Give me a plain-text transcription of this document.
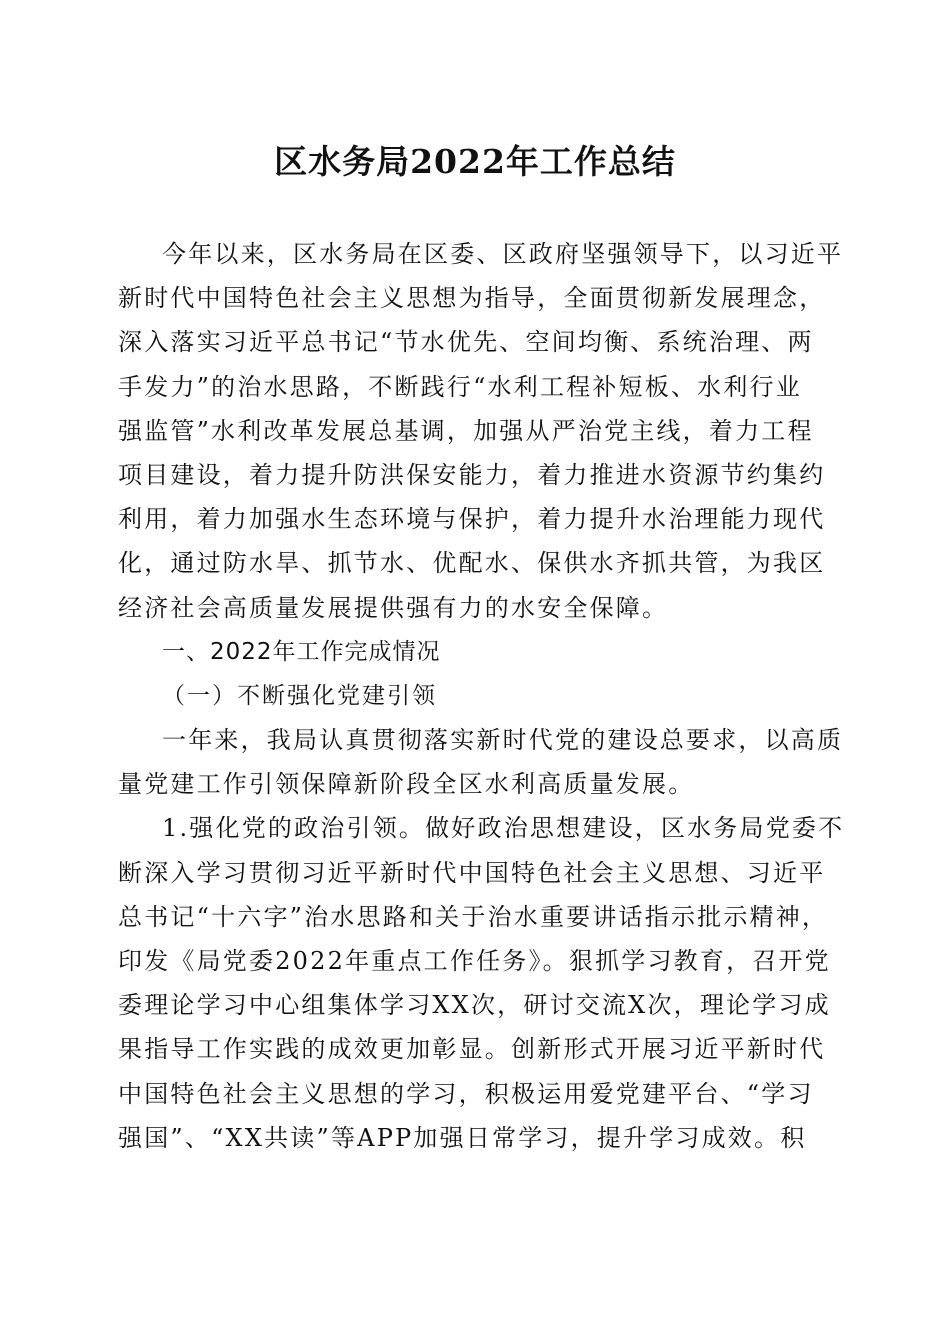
区水务局2022年工作总结
今年以来，区水务局在区委、区政府坚强领导下，以习近平
新时代中国特色社会主义思想为指导，全面贯彻新发展理念，
深入落实习近平总书记“节水优先、空间均衡、系统治理、两
手发力”的治水思路，不断践行“水利工程补短板、水利行业
强监管”水利改革发展总基调，加强从严治党主线，着力工程
项目建设，着力提升防洪保安能力，着力推进水资源节约集约
利用，着力加强水生态环境与保护，着力提升水治理能力现代
化，通过防水旱、抓节水、优配水、保供水齐抓共管，为我区
经济社会高质量发展提供强有力的水安全保障。
一、2022年工作完成情况
（一）不断强化党建引领
一年来，我局认真贯彻落实新时代党的建设总要求，以高质
量党建工作引领保障新阶段全区水利高质量发展。
1.强化党的政治引领。做好政治思想建设，区水务局党委不
断深入学习贯彻习近平新时代中国特色社会主义思想、习近平
总书记“十六字”治水思路和关于治水重要讲话指示批示精神，
印发《局党委2022年重点工作任务》。狠抓学习教育，召开党
委理论学习中心组集体学习XX次，研讨交流X次，理论学习成
果指导工作实践的成效更加彰显。创新形式开展习近平新时代
中国特色社会主义思想的学习，积极运用爱党建平台、“学习
强国”、“XX共读”等APP加强日常学习，提升学习成效。积
